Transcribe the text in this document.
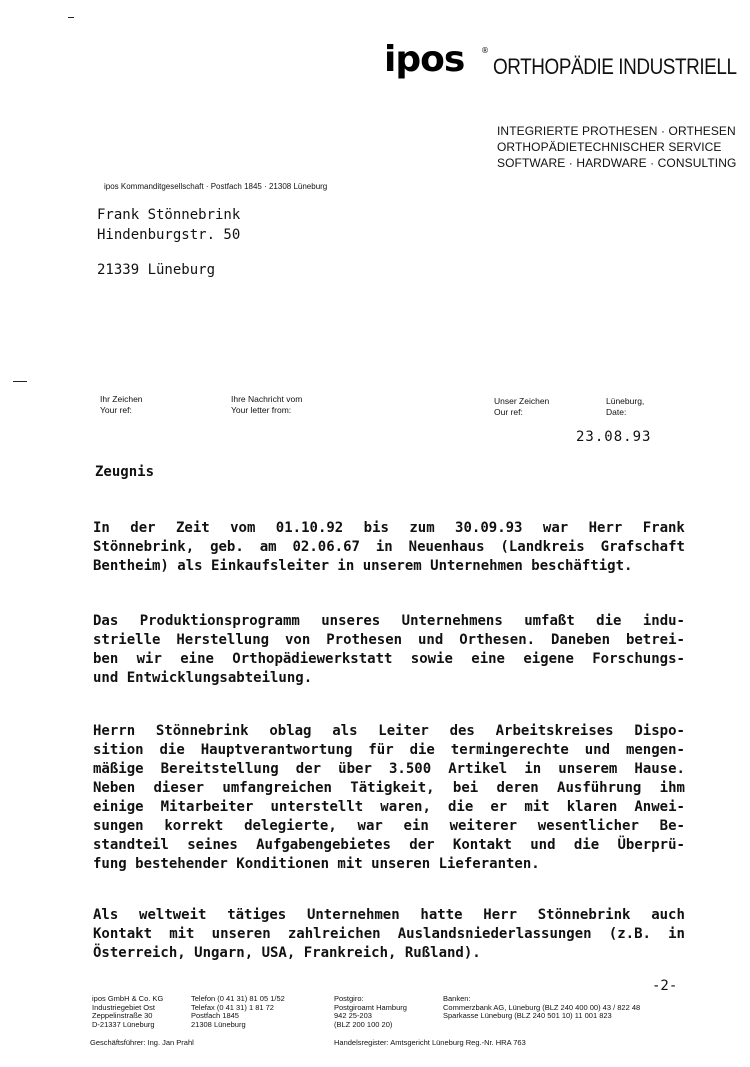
ipos ®
ORTHOPÄDIE INDUSTRIELL
INTEGRIERTE PROTHESEN · ORTHESEN
ORTHOPÄDIETECHNISCHER SERVICE
SOFTWARE · HARDWARE · CONSULTING
ipos Kommanditgesellschaft · Postfach 1845 · 21308 Lüneburg
Frank Stönnebrink
Hindenburgstr. 50
21339 Lüneburg
Ihr Zeichen
Your ref:
Ihre Nachricht vom
Your letter from:
Unser Zeichen
Our ref:
Lüneburg,
Date:
23.08.93
Zeugnis
In der Zeit vom 01.10.92 bis zum 30.09.93 war Herr Frank
Stönnebrink, geb. am 02.06.67 in Neuenhaus (Landkreis Grafschaft
Bentheim) als Einkaufsleiter in unserem Unternehmen beschäftigt.
Das Produktionsprogramm unseres Unternehmens umfaßt die indu-
strielle Herstellung von Prothesen und Orthesen. Daneben betrei-
ben wir eine Orthopädiewerkstatt sowie eine eigene Forschungs-
und Entwicklungsabteilung.
Herrn Stönnebrink oblag als Leiter des Arbeitskreises Dispo-
sition die Hauptverantwortung für die termingerechte und mengen-
mäßige Bereitstellung der über 3.500 Artikel in unserem Hause.
Neben dieser umfangreichen Tätigkeit, bei deren Ausführung ihm
einige Mitarbeiter unterstellt waren, die er mit klaren Anwei-
sungen korrekt delegierte, war ein weiterer wesentlicher Be-
standteil seines Aufgabengebietes der Kontakt und die Überprü-
fung bestehender Konditionen mit unseren Lieferanten.
Als weltweit tätiges Unternehmen hatte Herr Stönnebrink auch
Kontakt mit unseren zahlreichen Auslandsniederlassungen (z.B. in
Österreich, Ungarn, USA, Frankreich, Rußland).
-2-
ipos GmbH & Co. KG
Industriegebiet Ost
Zeppelinstraße 30
D-21337 Lüneburg
Telefon (0 41 31) 81 05 1/52
Telefax (0 41 31) 1 81 72
Postfach 1845
21308 Lüneburg
Postgiro:
Postgiroamt Hamburg
942 25-203
(BLZ 200 100 20)
Banken:
Commerzbank AG, Lüneburg (BLZ 240 400 00) 43 / 822 48
Sparkasse Lüneburg (BLZ 240 501 10) 11 001 823
Geschäftsführer: Ing. Jan Prahl	Handelsregister: Amtsgericht Lüneburg Reg.-Nr. HRA 763
